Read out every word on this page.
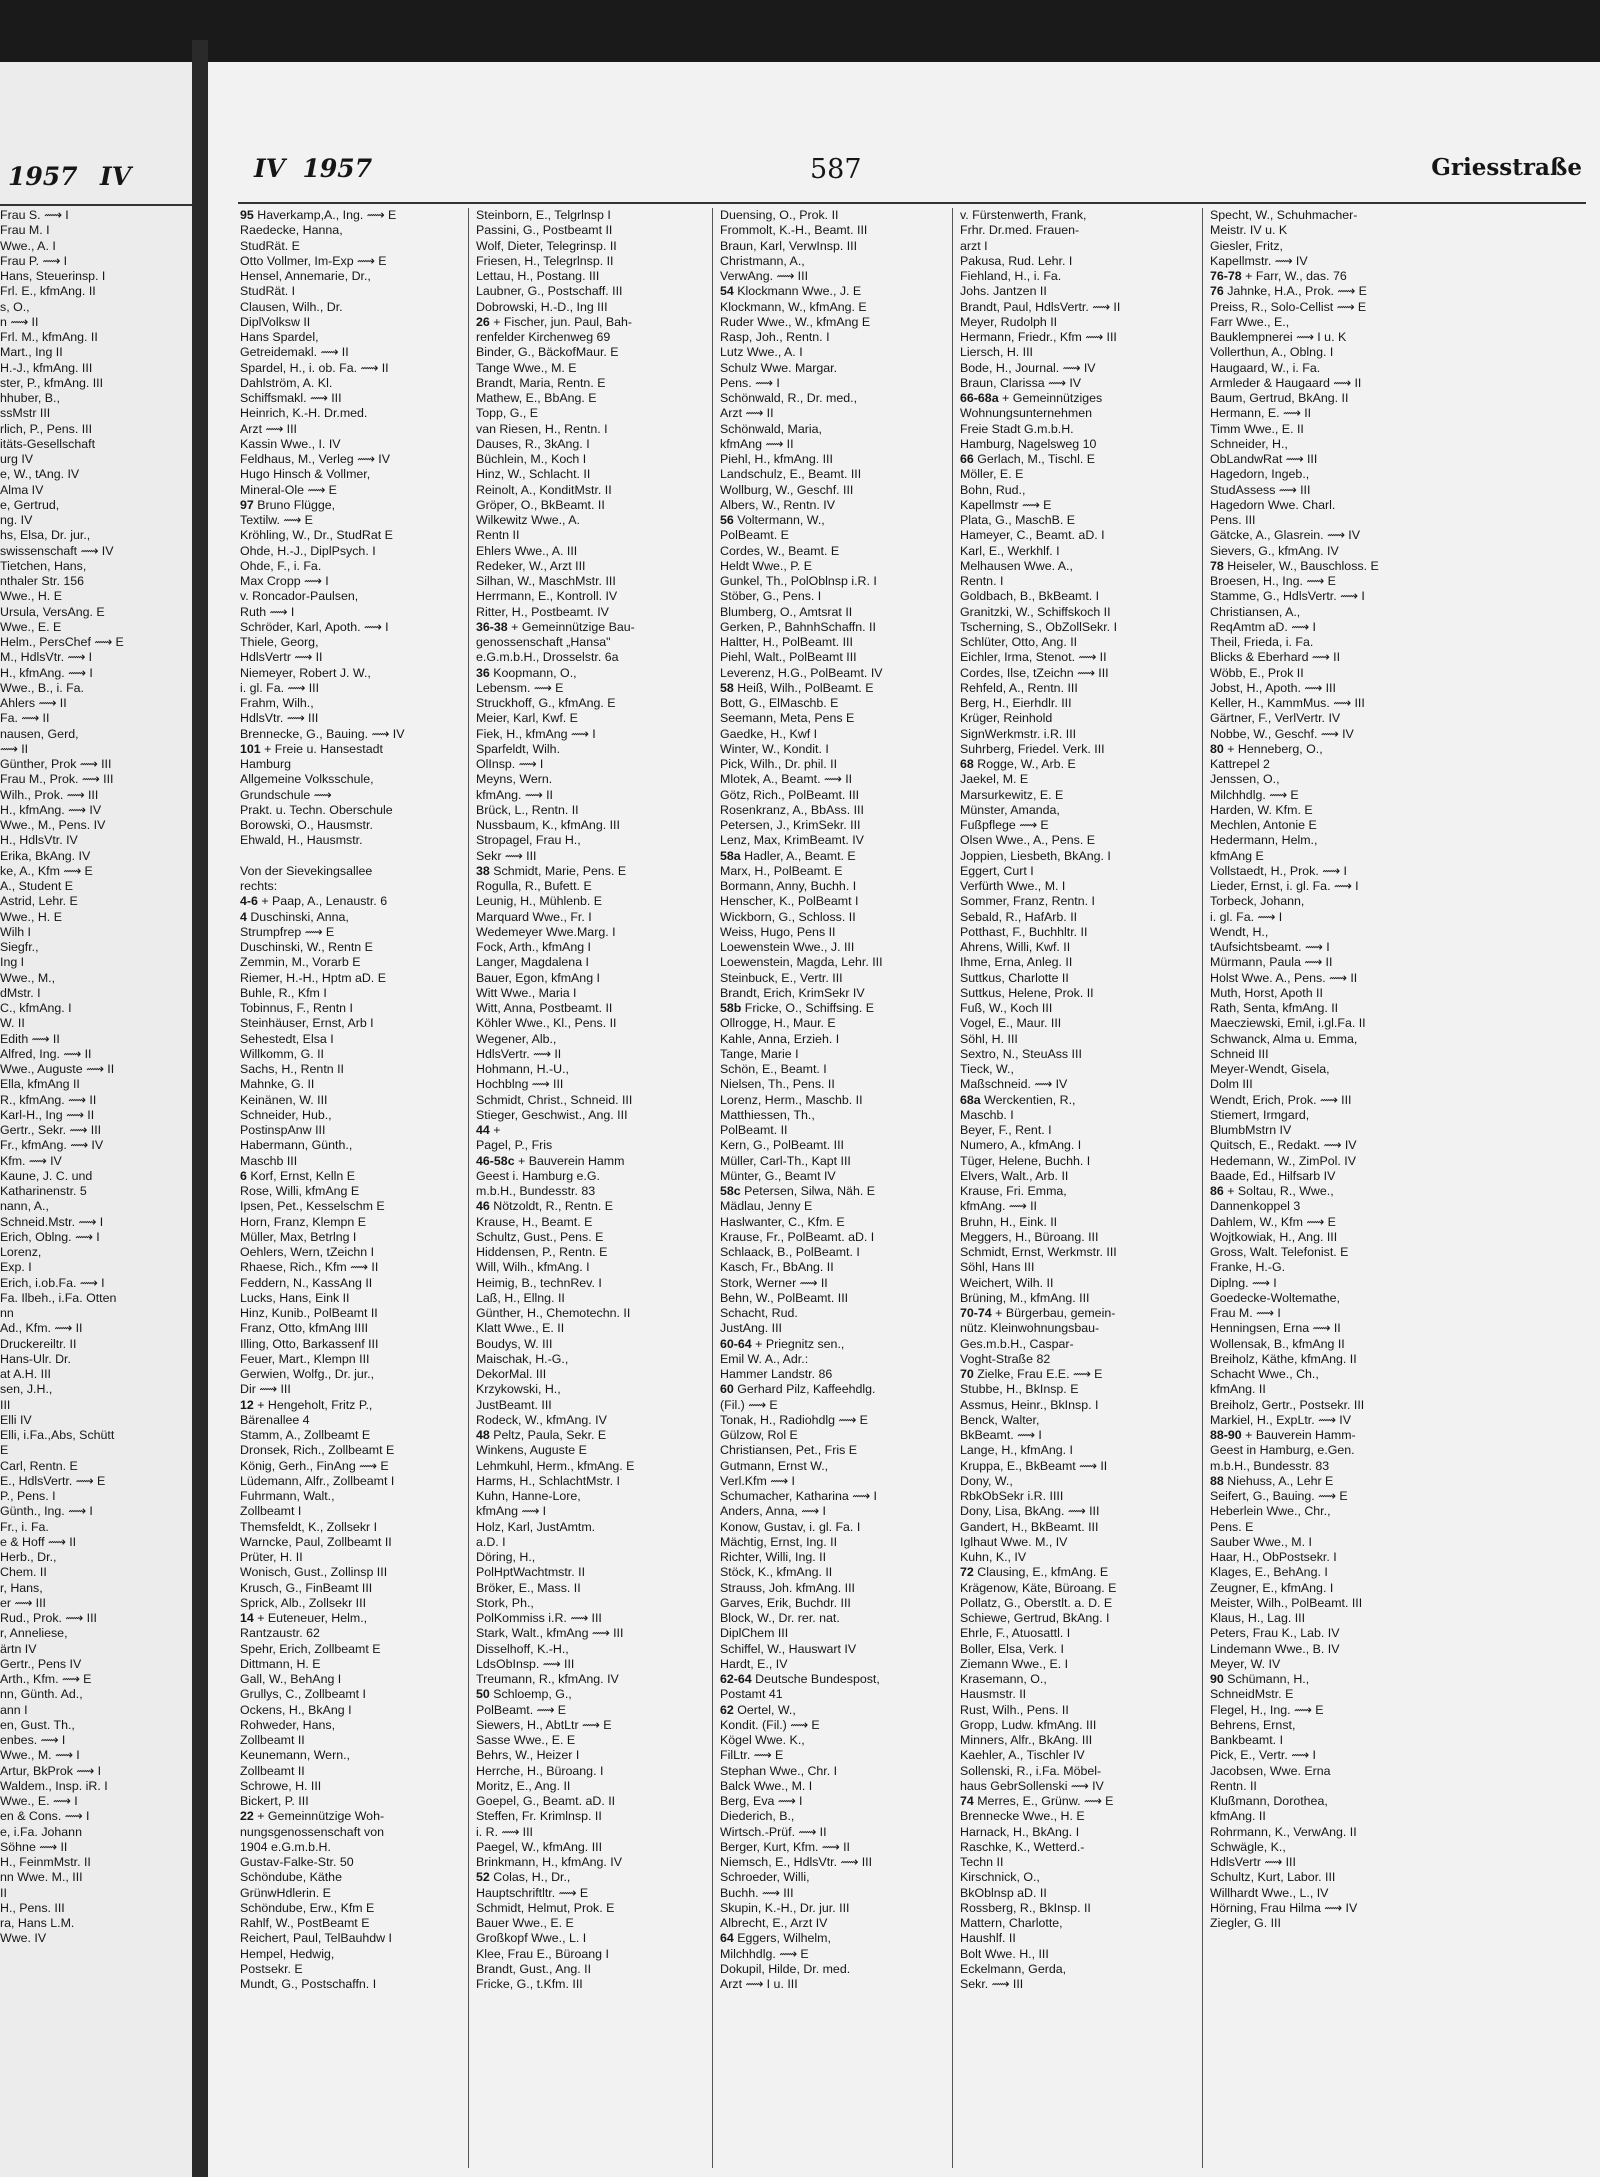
1957 IV
Frau S. ⟿ I
Frau M. I
Wwe., A. I
Frau P. ⟿ I
Hans, Steuerinsp. I
Frl. E., kfmAng. II
s, O.,
n ⟿ II
Frl. M., kfmAng. II
Mart., Ing II
H.-J., kfmAng. III
ster, P., kfmAng. III
hhuber, B.,
ssMstr III
rlich, P., Pens. III
itäts-Gesellschaft
urg IV
e, W., tAng. IV
Alma IV
e, Gertrud,
ng. IV
hs, Elsa, Dr. jur.,
swissenschaft ⟿ IV
Tietchen, Hans,
nthaler Str. 156
Wwe., H. E
Ursula, VersAng. E
Wwe., E. E
Helm., PersChef ⟿ E
M., HdlsVtr. ⟿ I
H., kfmAng. ⟿ I
Wwe., B., i. Fa.
Ahlers ⟿ II
Fa. ⟿ II
nausen, Gerd,
⟿ II
Günther, Prok ⟿ III
Frau M., Prok. ⟿ III
Wilh., Prok. ⟿ III
H., kfmAng. ⟿ IV
Wwe., M., Pens. IV
H., HdlsVtr. IV
Erika, BkAng. IV
ke, A., Kfm ⟿ E
A., Student E
Astrid, Lehr. E
Wwe., H. E
Wilh I
Siegfr.,
Ing I
Wwe., M.,
dMstr. I
C., kfmAng. I
W. II
Edith ⟿ II
Alfred, Ing. ⟿ II
Wwe., Auguste ⟿ II
Ella, kfmAng II
R., kfmAng. ⟿ II
Karl-H., Ing ⟿ II
Gertr., Sekr. ⟿ III
Fr., kfmAng. ⟿ IV
Kfm. ⟿ IV
Kaune, J. C. und
Katharinenstr. 5
nann, A.,
Schneid.Mstr. ⟿ I
Erich, Oblng. ⟿ I
Lorenz,
Exp. I
Erich, i.ob.Fa. ⟿ I
Fa. Ilbeh., i.Fa. Otten
nn
Ad., Kfm. ⟿ II
Druckereiltr. II
Hans-Ulr. Dr.
at A.H. III
sen, J.H.,
III
Elli IV
Elli, i.Fa.,Abs, Schütt
E
Carl, Rentn. E
E., HdlsVertr. ⟿ E
P., Pens. I
Günth., Ing. ⟿ I
Fr., i. Fa.
e & Hoff ⟿ II
Herb., Dr.,
Chem. II
r, Hans,
er ⟿ III
Rud., Prok. ⟿ III
r, Anneliese,
ärtn IV
Gertr., Pens IV
Arth., Kfm. ⟿ E
nn, Günth. Ad.,
ann I
en, Gust. Th.,
enbes. ⟿ I
Wwe., M. ⟿ I
Artur, BkProk ⟿ I
Waldem., Insp. iR. I
Wwe., E. ⟿ I
en & Cons. ⟿ I
e, i.Fa. Johann
Söhne ⟿ II
H., FeinmMstr. II
nn Wwe. M., III
II
H., Pens. III
ra, Hans L.M.
Wwe. IV
IV 1957	587	Griesstraße
95 Haverkamp,A., Ing. ⟿ E
Raedecke, Hanna,
StudRät. E
Otto Vollmer, Im-Exp ⟿ E
Hensel, Annemarie, Dr.,
StudRät. I
Clausen, Wilh., Dr.
DiplVolksw II
Hans Spardel,
Getreidemakl. ⟿ II
Spardel, H., i. ob. Fa. ⟿ II
Dahlström, A. Kl.
Schiffsmakl. ⟿ III
Heinrich, K.-H. Dr.med.
Arzt ⟿ III
Kassin Wwe., I. IV
Feldhaus, M., Verleg ⟿ IV
Hugo Hinsch & Vollmer,
Mineral-Ole ⟿ E
97 Bruno Flügge,
Textilw. ⟿ E
Kröhling, W., Dr., StudRat E
Ohde, H.-J., DiplPsych. I
Ohde, F., i. Fa.
Max Cropp ⟿ I
v. Roncador-Paulsen,
Ruth ⟿ I
Schröder, Karl, Apoth. ⟿ I
Thiele, Georg,
HdlsVertr ⟿ II
Niemeyer, Robert J. W.,
i. gl. Fa. ⟿ III
Frahm, Wilh.,
HdlsVtr. ⟿ III
Brennecke, G., Bauing. ⟿ IV
101 + Freie u. Hansestadt
Hamburg
Allgemeine Volksschule,
Grundschule ⟿
Prakt. u. Techn. Oberschule
Borowski, O., Hausmstr.
Ehwald, H., Hausmstr.

Von der Sievekingsallee
rechts:
4-6 + Paap, A., Lenaustr. 6
4 Duschinski, Anna,
Strumpfrep ⟿ E
Duschinski, W., Rentn E
Zemmin, M., Vorarb E
Riemer, H.-H., Hptm aD. E
Buhle, R., Kfm I
Tobinnus, F., Rentn I
Steinhäuser, Ernst, Arb I
Sehestedt, Elsa I
Willkomm, G. II
Sachs, H., Rentn II
Mahnke, G. II
Keinänen, W. III
Schneider, Hub.,
PostinspAnw III
Habermann, Günth.,
Maschb III
6 Korf, Ernst, Kelln E
Rose, Willi, kfmAng E
Ipsen, Pet., Kesselschm E
Horn, Franz, Klempn E
Müller, Max, Betrlng I
Oehlers, Wern, tZeichn I
Rhaese, Rich., Kfm ⟿ II
Feddern, N., KassAng II
Lucks, Hans, Eink II
Hinz, Kunib., PolBeamt II
Franz, Otto, kfmAng IIII
Illing, Otto, Barkassenf III
Feuer, Mart., Klempn III
Gerwien, Wolfg., Dr. jur.,
Dir ⟿ III
12 + Hengeholt, Fritz P.,
Bärenallee 4
Stamm, A., Zollbeamt E
Dronsek, Rich., Zollbeamt E
König, Gerh., FinAng ⟿ E
Lüdemann, Alfr., Zollbeamt I
Fuhrmann, Walt.,
Zollbeamt I
Themsfeldt, K., Zollsekr I
Warncke, Paul, Zollbeamt II
Prüter, H. II
Wonisch, Gust., Zollinsp III
Krusch, G., FinBeamt III
Sprick, Alb., Zollsekr III
14 + Euteneuer, Helm.,
Rantzaustr. 62
Spehr, Erich, Zollbeamt E
Dittmann, H. E
Gall, W., BehAng I
Grullys, C., Zollbeamt I
Ockens, H., BkAng I
Rohweder, Hans,
Zollbeamt II
Keunemann, Wern.,
Zollbeamt II
Schrowe, H. III
Bickert, P. III
22 + Gemeinnützige Woh-
nungsgenossenschaft von
1904 e.G.m.b.H.
Gustav-Falke-Str. 50
Schöndube, Käthe
GrünwHdlerin. E
Schöndube, Erw., Kfm E
Rahlf, W., PostBeamt E
Reichert, Paul, TelBauhdw I
Hempel, Hedwig,
Postsekr. E
Mundt, G., Postschaffn. I
Steinborn, E., Telgrlnsp I
Passini, G., Postbeamt II
Wolf, Dieter, Telegrinsp. II
Friesen, H., Telegrlnsp. II
Lettau, H., Postang. III
Laubner, G., Postschaff. III
Dobrowski, H.-D., Ing III
26 + Fischer, jun. Paul, Bah-
renfelder Kirchenweg 69
Binder, G., BäckofMaur. E
Tange Wwe., M. E
Brandt, Maria, Rentn. E
Mathew, E., BbAng. E
Topp, G., E
van Riesen, H., Rentn. I
Dauses, R., 3kAng. I
Büchlein, M., Koch I
Hinz, W., Schlacht. II
Reinolt, A., KonditMstr. II
Gröper, O., BkBeamt. II
Wilkewitz Wwe., A.
Rentn II
Ehlers Wwe., A. III
Redeker, W., Arzt III
Silhan, W., MaschMstr. III
Herrmann, E., Kontroll. IV
Ritter, H., Postbeamt. IV
36-38 + Gemeinnützige Bau-
genossenschaft „Hansa"
e.G.m.b.H., Drosselstr. 6a
36 Koopmann, O.,
Lebensm. ⟿ E
Struckhoff, G., kfmAng. E
Meier, Karl, Kwf. E
Fiek, H., kfmAng ⟿ I
Sparfeldt, Wilh.
OlInsp. ⟿ I
Meyns, Wern.
kfmAng. ⟿ II
Brück, L., Rentn. II
Nussbaum, K., kfmAng. III
Stropagel, Frau H.,
Sekr ⟿ III
38 Schmidt, Marie, Pens. E
Rogulla, R., Bufett. E
Leunig, H., Mühlenb. E
Marquard Wwe., Fr. I
Wedemeyer Wwe.Marg. I
Fock, Arth., kfmAng I
Langer, Magdalena I
Bauer, Egon, kfmAng I
Witt Wwe., Maria I
Witt, Anna, Postbeamt. II
Köhler Wwe., Kl., Pens. II
Wegener, Alb.,
HdlsVertr. ⟿ II
Hohmann, H.-U.,
Hochblng ⟿ III
Schmidt, Christ., Schneid. III
Stieger, Geschwist., Ang. III
44 +
Pagel, P., Fris
46-58c + Bauverein Hamm
Geest i. Hamburg e.G.
m.b.H., Bundesstr. 83
46 Nötzoldt, R., Rentn. E
Krause, H., Beamt. E
Schultz, Gust., Pens. E
Hiddensen, P., Rentn. E
Will, Wilh., kfmAng. I
Heimig, B., technRev. I
Laß, H., Ellng. II
Günther, H., Chemotechn. II
Klatt Wwe., E. II
Boudys, W. III
Maischak, H.-G.,
DekorMal. III
Krzykowski, H.,
JustBeamt. III
Rodeck, W., kfmAng. IV
48 Peltz, Paula, Sekr. E
Winkens, Auguste E
Lehmkuhl, Herm., kfmAng. E
Harms, H., SchlachtMstr. I
Kuhn, Hanne-Lore,
kfmAng ⟿ I
Holz, Karl, JustAmtm.
a.D. I
Döring, H.,
PolHptWachtmstr. II
Bröker, E., Mass. II
Stork, Ph.,
PolKommiss i.R. ⟿ III
Stark, Walt., kfmAng ⟿ III
Disselhoff, K.-H.,
LdsObInsp. ⟿ III
Treumann, R., kfmAng. IV
50 Schloemp, G.,
PolBeamt. ⟿ E
Siewers, H., AbtLtr ⟿ E
Sasse Wwe., E. E
Behrs, W., Heizer I
Herrche, H., Büroang. I
Moritz, E., Ang. II
Goepel, G., Beamt. aD. II
Steffen, Fr. Krimlnsp. II
i. R. ⟿ III
Paegel, W., kfmAng. III
Brinkmann, H., kfmAng. IV
52 Colas, H., Dr.,
Hauptschriftltr. ⟿ E
Schmidt, Helmut, Prok. E
Bauer Wwe., E. E
Großkopf Wwe., L. I
Klee, Frau E., Büroang I
Brandt, Gust., Ang. II
Fricke, G., t.Kfm. III
Duensing, O., Prok. II
Frommolt, K.-H., Beamt. III
Braun, Karl, VerwInsp. III
Christmann, A.,
VerwAng. ⟿ III
54 Klockmann Wwe., J. E
Klockmann, W., kfmAng. E
Ruder Wwe., W., kfmAng E
Rasp, Joh., Rentn. I
Lutz Wwe., A. I
Schulz Wwe. Margar.
Pens. ⟿ I
Schönwald, R., Dr. med.,
Arzt ⟿ II
Schönwald, Maria,
kfmAng ⟿ II
Piehl, H., kfmAng. III
Landschulz, E., Beamt. III
Wollburg, W., Geschf. III
Albers, W., Rentn. IV
56 Voltermann, W.,
PolBeamt. E
Cordes, W., Beamt. E
Heldt Wwe., P. E
Gunkel, Th., PolOblnsp i.R. I
Stöber, G., Pens. I
Blumberg, O., Amtsrat II
Gerken, P., BahnhSchaffn. II
Haltter, H., PolBeamt. III
Piehl, Walt., PolBeamt III
Leverenz, H.G., PolBeamt. IV
58 Heiß, Wilh., PolBeamt. E
Bott, G., ElMaschb. E
Seemann, Meta, Pens E
Gaedke, H., Kwf I
Winter, W., Kondit. I
Pick, Wilh., Dr. phil. II
Mlotek, A., Beamt. ⟿ II
Götz, Rich., PolBeamt. III
Rosenkranz, A., BbAss. III
Petersen, J., KrimSekr. III
Lenz, Max, KrimBeamt. IV
58a Hadler, A., Beamt. E
Marx, H., PolBeamt. E
Bormann, Anny, Buchh. I
Henscher, K., PolBeamt I
Wickborn, G., Schloss. II
Weiss, Hugo, Pens II
Loewenstein Wwe., J. III
Loewenstein, Magda, Lehr. III
Steinbuck, E., Vertr. III
Brandt, Erich, KrimSekr IV
58b Fricke, O., Schiffsing. E
Ollrogge, H., Maur. E
Kahle, Anna, Erzieh. I
Tange, Marie I
Schön, E., Beamt. I
Nielsen, Th., Pens. II
Lorenz, Herm., Maschb. II
Matthiessen, Th.,
PolBeamt. II
Kern, G., PolBeamt. III
Müller, Carl-Th., Kapt III
Münter, G., Beamt IV
58c Petersen, Silwa, Näh. E
Mädlau, Jenny E
Haslwanter, C., Kfm. E
Krause, Fr., PolBeamt. aD. I
Schlaack, B., PolBeamt. I
Kasch, Fr., BbAng. II
Stork, Werner ⟿ II
Behn, W., PolBeamt. III
Schacht, Rud.
JustAng. III
60-64 + Priegnitz sen.,
Emil W. A., Adr.:
Hammer Landstr. 86
60 Gerhard Pilz, Kaffeehdlg.
(Fil.) ⟿ E
Tonak, H., Radiohdlg ⟿ E
Gülzow, Rol E
Christiansen, Pet., Fris E
Gutmann, Ernst W.,
Verl.Kfm ⟿ I
Schumacher, Katharina ⟿ I
Anders, Anna, ⟿ I
Konow, Gustav, i. gl. Fa. I
Mächtig, Ernst, Ing. II
Richter, Willi, Ing. II
Stöck, K., kfmAng. II
Strauss, Joh. kfmAng. III
Garves, Erik, Buchdr. III
Block, W., Dr. rer. nat.
DiplChem III
Schiffel, W., Hauswart IV
Hardt, E., IV
62-64 Deutsche Bundespost,
Postamt 41
62 Oertel, W.,
Kondit. (Fil.) ⟿ E
Kögel Wwe. K.,
FilLtr. ⟿ E
Stephan Wwe., Chr. I
Balck Wwe., M. I
Berg, Eva ⟿ I
Diederich, B.,
Wirtsch.-Prüf. ⟿ II
Berger, Kurt, Kfm. ⟿ II
Niemsch, E., HdlsVtr. ⟿ III
Schroeder, Willi,
Buchh. ⟿ III
Skupin, K.-H., Dr. jur. III
Albrecht, E., Arzt IV
64 Eggers, Wilhelm,
Milchhdlg. ⟿ E
Dokupil, Hilde, Dr. med.
Arzt ⟿ I u. III
v. Fürstenwerth, Frank,
Frhr. Dr.med. Frauen-
arzt I
Pakusa, Rud. Lehr. I
Fiehland, H., i. Fa.
Johs. Jantzen II
Brandt, Paul, HdlsVertr. ⟿ II
Meyer, Rudolph II
Hermann, Friedr., Kfm ⟿ III
Liersch, H. III
Bode, H., Journal. ⟿ IV
Braun, Clarissa ⟿ IV
66-68a + Gemeinnütziges
Wohnungsunternehmen
Freie Stadt G.m.b.H.
Hamburg, Nagelsweg 10
66 Gerlach, M., Tischl. E
Möller, E. E
Bohn, Rud.,
Kapellmstr ⟿ E
Plata, G., MaschB. E
Hameyer, C., Beamt. aD. I
Karl, E., Werkhlf. I
Melhausen Wwe. A.,
Rentn. I
Goldbach, B., BkBeamt. I
Granitzki, W., Schiffskoch II
Tscherning, S., ObZollSekr. I
Schlüter, Otto, Ang. II
Eichler, Irma, Stenot. ⟿ II
Cordes, Ilse, tZeichn ⟿ III
Rehfeld, A., Rentn. III
Berg, H., Eierhdlr. III
Krüger, Reinhold
SignWerkmstr. i.R. III
Suhrberg, Friedel. Verk. III
68 Rogge, W., Arb. E
Jaekel, M. E
Marsurkewitz, E. E
Münster, Amanda,
Fußpflege ⟿ E
Olsen Wwe., A., Pens. E
Joppien, Liesbeth, BkAng. I
Eggert, Curt I
Verfürth Wwe., M. I
Sommer, Franz, Rentn. I
Sebald, R., HafArb. II
Potthast, F., Buchhltr. II
Ahrens, Willi, Kwf. II
Ihme, Erna, Anleg. II
Suttkus, Charlotte II
Suttkus, Helene, Prok. II
Fuß, W., Koch III
Vogel, E., Maur. III
Söhl, H. III
Sextro, N., SteuAss III
Tieck, W.,
Maßschneid. ⟿ IV
68a Werckentien, R.,
Maschb. I
Beyer, F., Rent. I
Numero, A., kfmAng. I
Tüger, Helene, Buchh. I
Elvers, Walt., Arb. II
Krause, Fri. Emma,
kfmAng. ⟿ II
Bruhn, H., Eink. II
Meggers, H., Büroang. III
Schmidt, Ernst, Werkmstr. III
Söhl, Hans III
Weichert, Wilh. II
Brüning, M., kfmAng. III
70-74 + Bürgerbau, gemein-
nütz. Kleinwohnungsbau-
Ges.m.b.H., Caspar-
Voght-Straße 82
70 Zielke, Frau E.E. ⟿ E
Stubbe, H., BkInsp. E
Assmus, Heinr., BkInsp. I
Benck, Walter,
BkBeamt. ⟿ I
Lange, H., kfmAng. I
Kruppa, E., BkBeamt ⟿ II
Dony, W.,
RbkObSekr i.R. IIII
Dony, Lisa, BkAng. ⟿ III
Gandert, H., BkBeamt. III
Iglhaut Wwe. M., IV
Kuhn, K., IV
72 Clausing, E., kfmAng. E
Krägenow, Käte, Büroang. E
Pollatz, G., Oberstlt. a. D. E
Schiewe, Gertrud, BkAng. I
Ehrle, F., Atuosattl. I
Boller, Elsa, Verk. I
Ziemann Wwe., E. I
Krasemann, O.,
Hausmstr. II
Rust, Wilh., Pens. II
Gropp, Ludw. kfmAng. III
Minners, Alfr., BkAng. III
Kaehler, A., Tischler IV
Sollenski, R., i.Fa. Möbel-
haus GebrSollenski ⟿ IV
74 Merres, E., Grünw. ⟿ E
Brennecke Wwe., H. E
Harnack, H., BkAng. I
Raschke, K., Wetterd.-
Techn II
Kirschnick, O.,
BkOblnsp aD. II
Rossberg, R., BkInsp. II
Mattern, Charlotte,
Haushlf. II
Bolt Wwe. H., III
Eckelmann, Gerda,
Sekr. ⟿ III
Specht, W., Schuhmacher-
Meistr. IV u. K
Giesler, Fritz,
Kapellmstr. ⟿ IV
76-78 + Farr, W., das. 76
76 Jahnke, H.A., Prok. ⟿ E
Preiss, R., Solo-Cellist ⟿ E
Farr Wwe., E.,
Bauklempnerei ⟿ I u. K
Vollerthun, A., Oblng. I
Haugaard, W., i. Fa.
Armleder & Haugaard ⟿ II
Baum, Gertrud, BkAng. II
Hermann, E. ⟿ II
Timm Wwe., E. II
Schneider, H.,
ObLandwRat ⟿ III
Hagedorn, Ingeb.,
StudAssess ⟿ III
Hagedorn Wwe. Charl.
Pens. III
Gätcke, A., Glasrein. ⟿ IV
Sievers, G., kfmAng. IV
78 Heiseler, W., Bauschloss. E
Broesen, H., Ing. ⟿ E
Stamme, G., HdlsVertr. ⟿ I
Christiansen, A.,
ReqAmtm aD. ⟿ I
Theil, Frieda, i. Fa.
Blicks & Eberhard ⟿ II
Wöbb, E., Prok II
Jobst, H., Apoth. ⟿ III
Keller, H., KammMus. ⟿ III
Gärtner, F., VerlVertr. IV
Nobbe, W., Geschf. ⟿ IV
80 + Henneberg, O.,
Kattrepel 2
Jenssen, O.,
Milchhdlg. ⟿ E
Harden, W. Kfm. E
Mechlen, Antonie E
Hedermann, Helm.,
kfmAng E
Vollstaedt, H., Prok. ⟿ I
Lieder, Ernst, i. gl. Fa. ⟿ I
Torbeck, Johann,
i. gl. Fa. ⟿ I
Wendt, H.,
tAufsichtsbeamt. ⟿ I
Mürmann, Paula ⟿ II
Holst Wwe. A., Pens. ⟿ II
Muth, Horst, Apoth II
Rath, Senta, kfmAng. II
Maecziewski, Emil, i.gl.Fa. II
Schwanck, Alma u. Emma,
Schneid III
Meyer-Wendt, Gisela,
Dolm III
Wendt, Erich, Prok. ⟿ III
Stiemert, Irmgard,
BlumbMstrn IV
Quitsch, E., Redakt. ⟿ IV
Hedemann, W., ZimPol. IV
Baade, Ed., Hilfsarb IV
86 + Soltau, R., Wwe.,
Dannenkoppel 3
Dahlem, W., Kfm ⟿ E
Wojtkowiak, H., Ang. III
Gross, Walt. Telefonist. E
Franke, H.-G.
Diplng. ⟿ I
Goedecke-Woltemathe,
Frau M. ⟿ I
Henningsen, Erna ⟿ II
Wollensak, B., kfmAng II
Breiholz, Käthe, kfmAng. II
Schacht Wwe., Ch.,
kfmAng. II
Breiholz, Gertr., Postsekr. III
Markiel, H., ExpLtr. ⟿ IV
88-90 + Bauverein Hamm-
Geest in Hamburg, e.Gen.
m.b.H., Bundesstr. 83
88 Niehuss, A., Lehr E
Seifert, G., Bauing. ⟿ E
Heberlein Wwe., Chr.,
Pens. E
Sauber Wwe., M. I
Haar, H., ObPostsekr. I
Klages, E., BehAng. I
Zeugner, E., kfmAng. I
Meister, Wilh., PolBeamt. III
Klaus, H., Lag. III
Peters, Frau K., Lab. IV
Lindemann Wwe., B. IV
Meyer, W. IV
90 Schümann, H.,
SchneidMstr. E
Flegel, H., Ing. ⟿ E
Behrens, Ernst,
Bankbeamt. I
Pick, E., Vertr. ⟿ I
Jacobsen, Wwe. Erna
Rentn. II
Klußmann, Dorothea,
kfmAng. II
Rohrmann, K., VerwAng. II
Schwägle, K.,
HdlsVertr ⟿ III
Schultz, Kurt, Labor. III
Willhardt Wwe., L., IV
Hörning, Frau Hilma ⟿ IV
Ziegler, G. III
